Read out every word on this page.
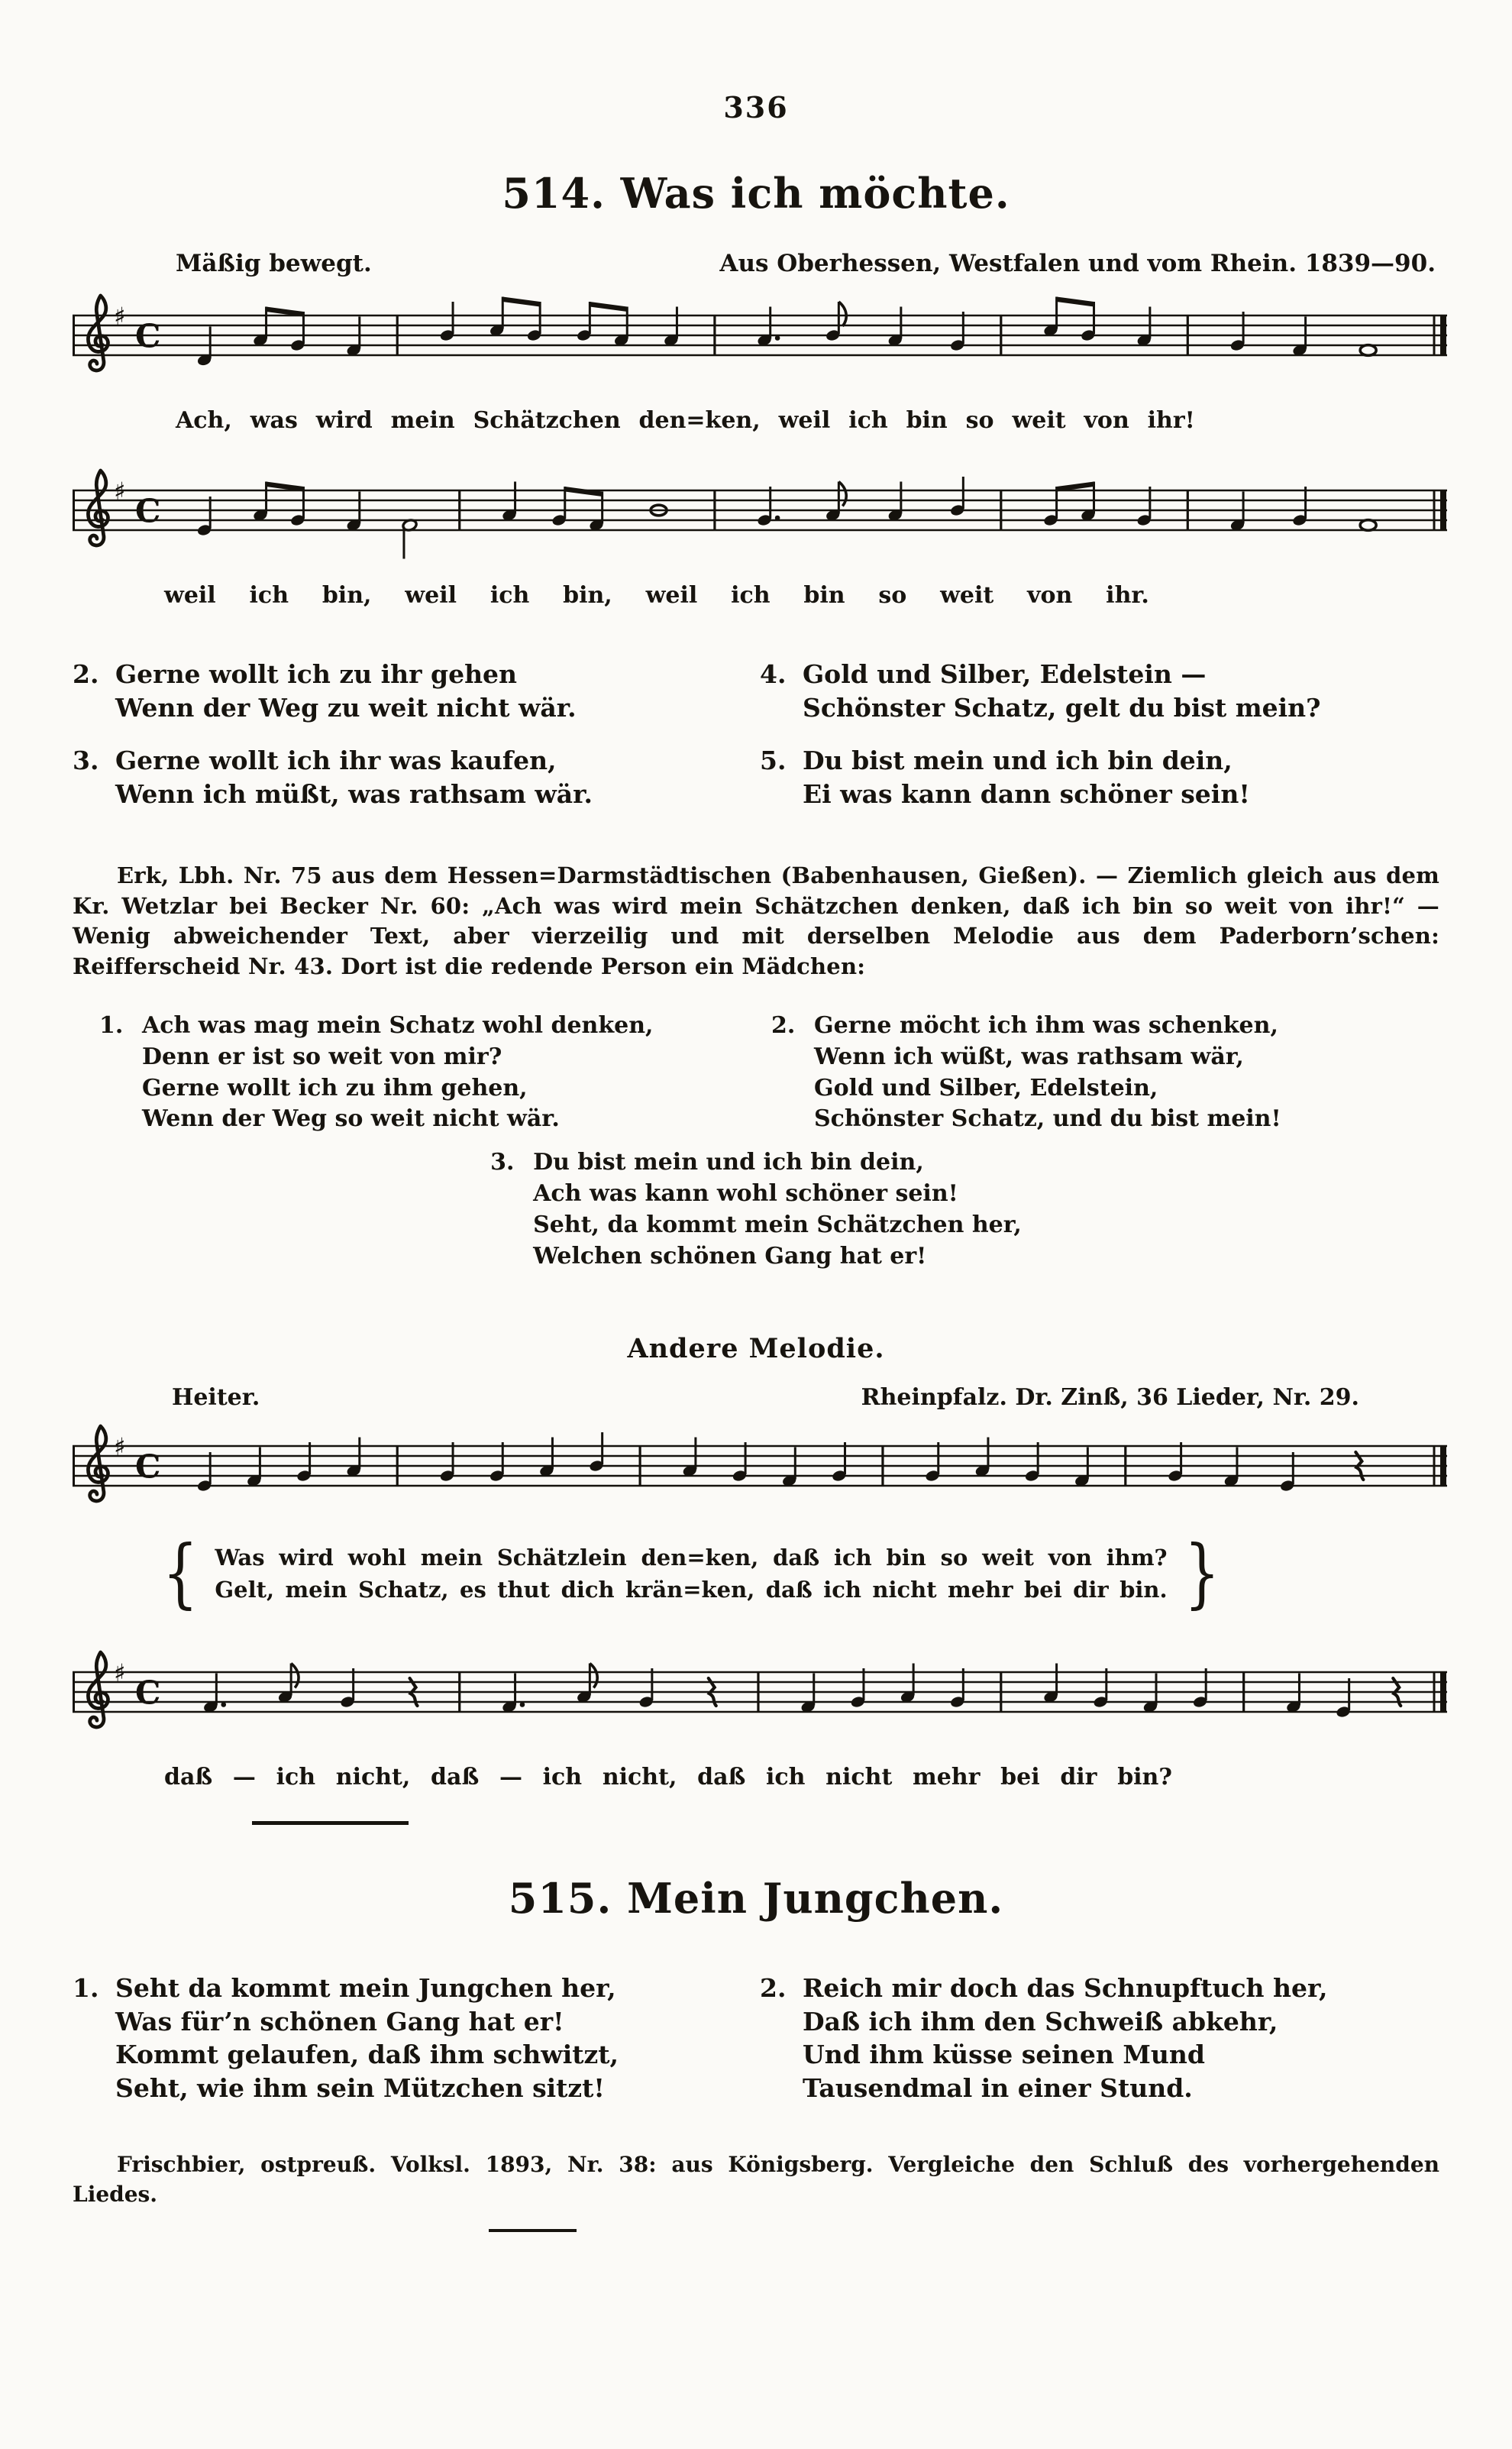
336
514. Was ich möchte.
Mäßig bewegt.	Aus Oberhessen, Westfalen und vom Rhein. 1839—90.
♯
C
Ach, was wird mein Schätzchen den=ken, weil ich bin so weit von ihr!
♯
C
weil ich bin, weil ich bin, weil ich bin so weit von ihr.
2. Gerne wollt ich zu ihr gehen
Wenn der Weg zu weit nicht wär.
3. Gerne wollt ich ihr was kaufen,
Wenn ich müßt, was rathsam wär.
4. Gold und Silber, Edelstein —
Schönster Schatz, gelt du bist mein?
5. Du bist mein und ich bin dein,
Ei was kann dann schöner sein!
Erk, Lbh. Nr. 75 aus dem Hessen=Darmstädtischen (Babenhausen, Gießen). — Ziemlich gleich aus dem Kr. Wetzlar bei Becker Nr. 60: „Ach was wird mein Schätzchen denken, daß ich bin so weit von ihr!“ — Wenig abweichender Text, aber vierzeilig und mit derselben Melodie aus dem Paderborn’schen: Reifferscheid Nr. 43. Dort ist die redende Person ein Mädchen:
1. Ach was mag mein Schatz wohl denken,
Denn er ist so weit von mir?
Gerne wollt ich zu ihm gehen,
Wenn der Weg so weit nicht wär.
2. Gerne möcht ich ihm was schenken,
Wenn ich wüßt, was rathsam wär,
Gold und Silber, Edelstein,
Schönster Schatz, und du bist mein!
3. Du bist mein und ich bin dein,
Ach was kann wohl schöner sein!
Seht, da kommt mein Schätzchen her,
Welchen schönen Gang hat er!
Andere Melodie.
Heiter.	Rheinpfalz. Dr. Zinß, 36 Lieder, Nr. 29.
♯
C
{ Was wird wohl mein Schätzlein den=ken, daß ich bin so weit von ihm?
Gelt, mein Schatz, es thut dich krän=ken, daß ich nicht mehr bei dir bin. }
♯
C
daß — ich nicht, daß — ich nicht, daß ich nicht mehr bei dir bin?
515. Mein Jungchen.
1. Seht da kommt mein Jungchen her,
Was für’n schönen Gang hat er!
Kommt gelaufen, daß ihm schwitzt,
Seht, wie ihm sein Mützchen sitzt!
2. Reich mir doch das Schnupftuch her,
Daß ich ihm den Schweiß abkehr,
Und ihm küsse seinen Mund
Tausendmal in einer Stund.
Frischbier, ostpreuß. Volksl. 1893, Nr. 38: aus Königsberg. Vergleiche den Schluß des vorhergehenden Liedes.
